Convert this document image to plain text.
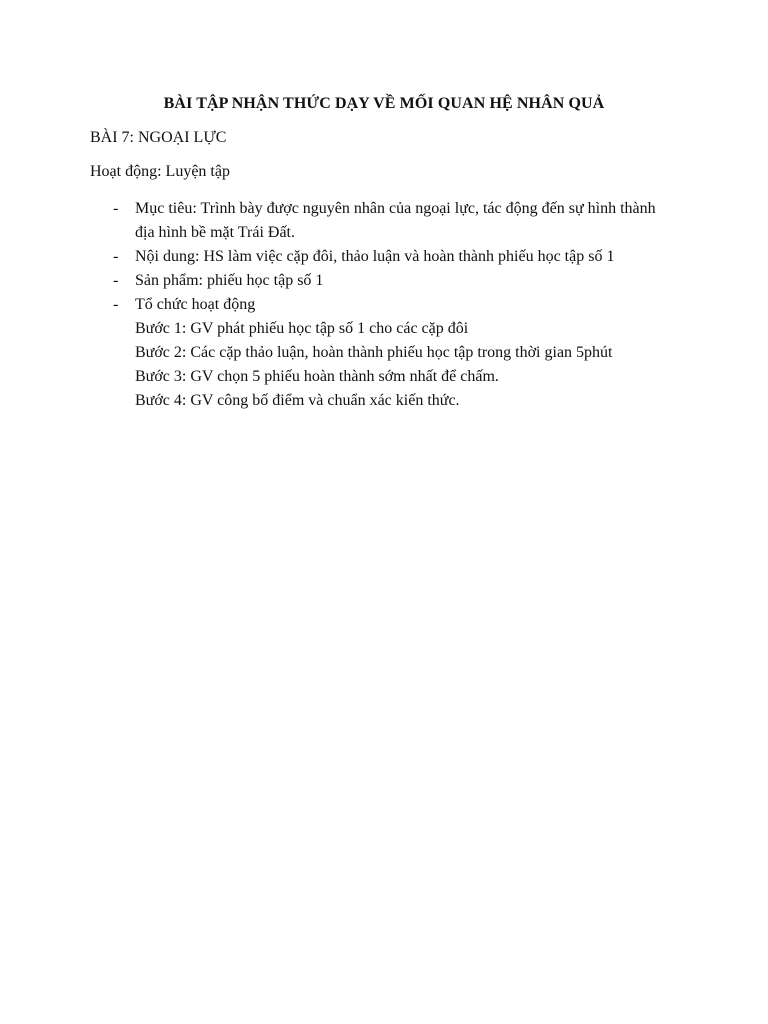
BÀI TẬP NHẬN THỨC DẠY VỀ MỐI QUAN HỆ NHÂN QUẢ
BÀI 7: NGOẠI LỰC
Hoạt động: Luyện tập
- Mục tiêu: Trình bày được nguyên nhân của ngoại lực, tác động đến sự hình thành địa hình bề mặt Trái Đất.
- Nội dung: HS làm việc cặp đôi, thảo luận và hoàn thành phiếu học tập số 1
- Sản phẩm: phiếu học tập số 1
- Tổ chức hoạt động
Bước 1: GV phát phiếu học tập số 1 cho các cặp đôi
Bước 2: Các cặp thảo luận, hoàn thành phiếu học tập trong thời gian 5phút
Bước 3: GV chọn 5 phiếu hoàn thành sớm nhất để chấm.
Bước 4: GV công bố điểm và chuẩn xác kiến thức.
